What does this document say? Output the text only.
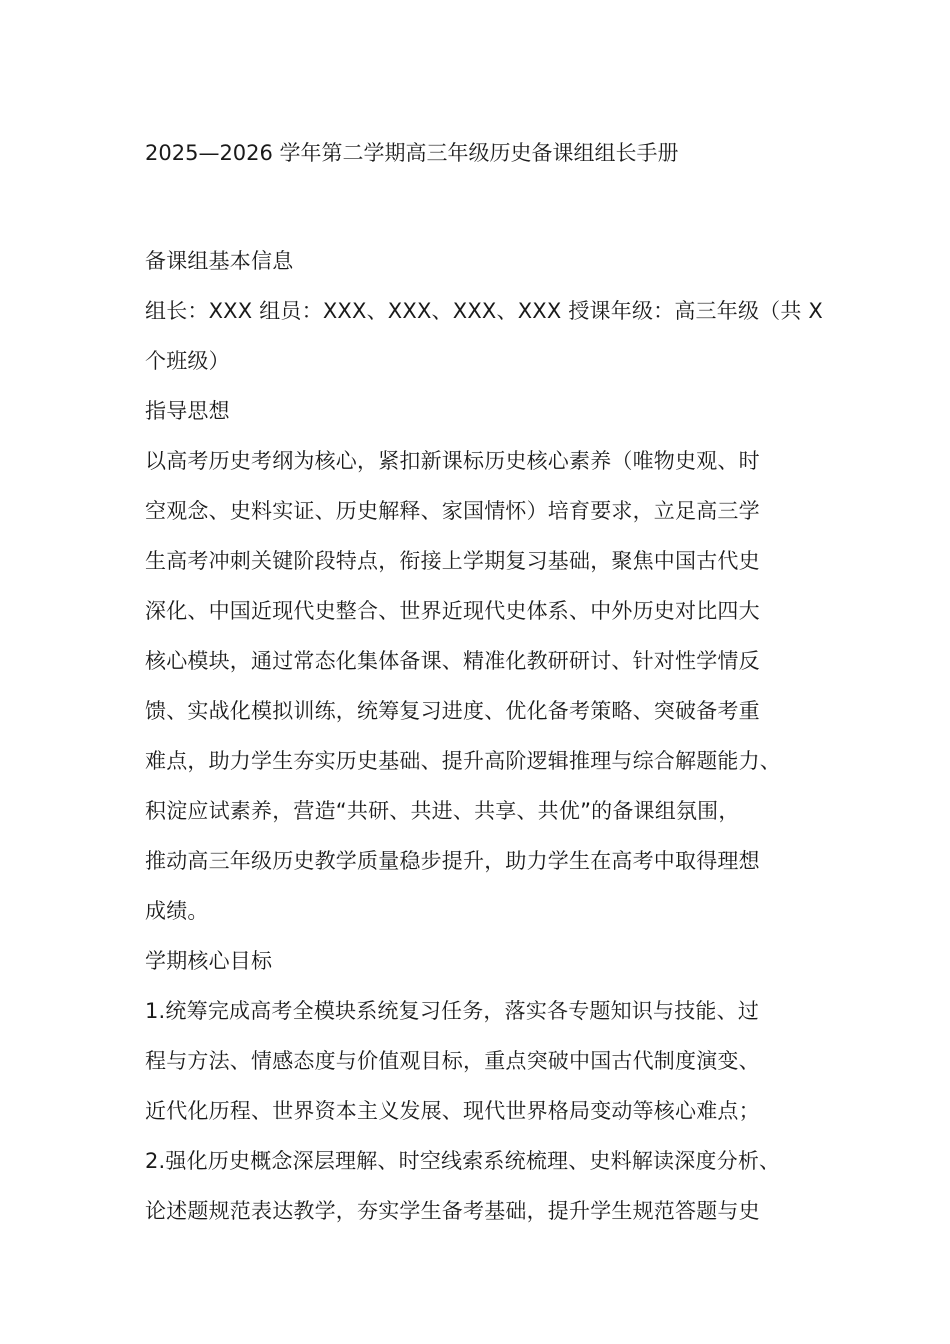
2025—2026 学年第二学期高三年级历史备课组组长手册
备课组基本信息
组长：XXX 组员：XXX、XXX、XXX、XXX 授课年级：高三年级（共 X
个班级）
指导思想
以高考历史考纲为核心，紧扣新课标历史核心素养（唯物史观、时
空观念、史料实证、历史解释、家国情怀）培育要求，立足高三学
生高考冲刺关键阶段特点，衔接上学期复习基础，聚焦中国古代史
深化、中国近现代史整合、世界近现代史体系、中外历史对比四大
核心模块，通过常态化集体备课、精准化教研研讨、针对性学情反
馈、实战化模拟训练，统筹复习进度、优化备考策略、突破备考重
难点，助力学生夯实历史基础、提升高阶逻辑推理与综合解题能力、
积淀应试素养，营造“共研、共进、共享、共优”的备课组氛围，
推动高三年级历史教学质量稳步提升，助力学生在高考中取得理想
成绩。
学期核心目标
1.统筹完成高考全模块系统复习任务，落实各专题知识与技能、过
程与方法、情感态度与价值观目标，重点突破中国古代制度演变、
近代化历程、世界资本主义发展、现代世界格局变动等核心难点；
2.强化历史概念深层理解、时空线索系统梳理、史料解读深度分析、
论述题规范表达教学，夯实学生备考基础，提升学生规范答题与史
